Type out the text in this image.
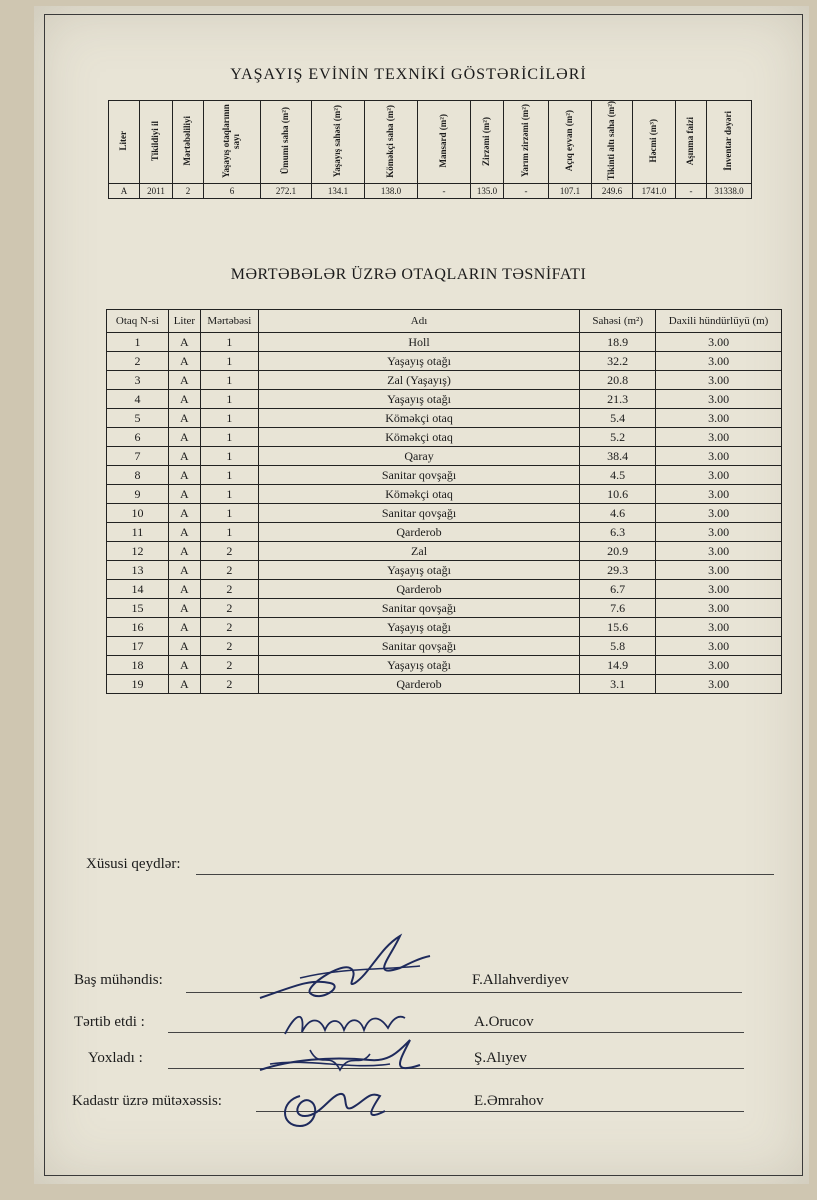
YAŞAYIŞ EVİNİN TEXNİKİ GÖSTƏRİCİLƏRİ
Liter	Tikildiyi il	Mərtəbəliliyi	Yaşayış otaqlarının sayı	Ümumi saha (m²)	Yaşayış sahəsi (m²)	Köməkçi saha (m²)	Mansard (m²)	Zirzəmi (m²)	Yarım zirzəmi (m²)	Açıq eyvan (m²)	Tikinti altı saha (m²)	Həcmi (m³)	Aşınma faizi	İnventar dəyəri
A	2011	2	6	272.1	134.1	138.0	-	135.0	-	107.1	249.6	1741.0	-	31338.0
MƏRTƏBƏLƏR ÜZRƏ OTAQLARIN TƏSNİFATI
Otaq N-si	Liter	Mərtəbəsi	Adı	Sahəsi (m²)	Daxili hündürlüyü (m)
1	A	1	Holl	18.9	3.00
2	A	1	Yaşayış otağı	32.2	3.00
3	A	1	Zal (Yaşayış)	20.8	3.00
4	A	1	Yaşayış otağı	21.3	3.00
5	A	1	Köməkçi otaq	5.4	3.00
6	A	1	Köməkçi otaq	5.2	3.00
7	A	1	Qaray	38.4	3.00
8	A	1	Sanitar qovşağı	4.5	3.00
9	A	1	Köməkçi otaq	10.6	3.00
10	A	1	Sanitar qovşağı	4.6	3.00
11	A	1	Qarderob	6.3	3.00
12	A	2	Zal	20.9	3.00
13	A	2	Yaşayış otağı	29.3	3.00
14	A	2	Qarderob	6.7	3.00
15	A	2	Sanitar qovşağı	7.6	3.00
16	A	2	Yaşayış otağı	15.6	3.00
17	A	2	Sanitar qovşağı	5.8	3.00
18	A	2	Yaşayış otağı	14.9	3.00
19	A	2	Qarderob	3.1	3.00
Xüsusi qeydlər:
Baş mühəndis:	F.Allahverdiyev
Tərtib etdi :	A.Orucov
Yoxladı :	Ş.Alıyev
Kadastr üzrə mütəxəssis:	E.Əmrahov
